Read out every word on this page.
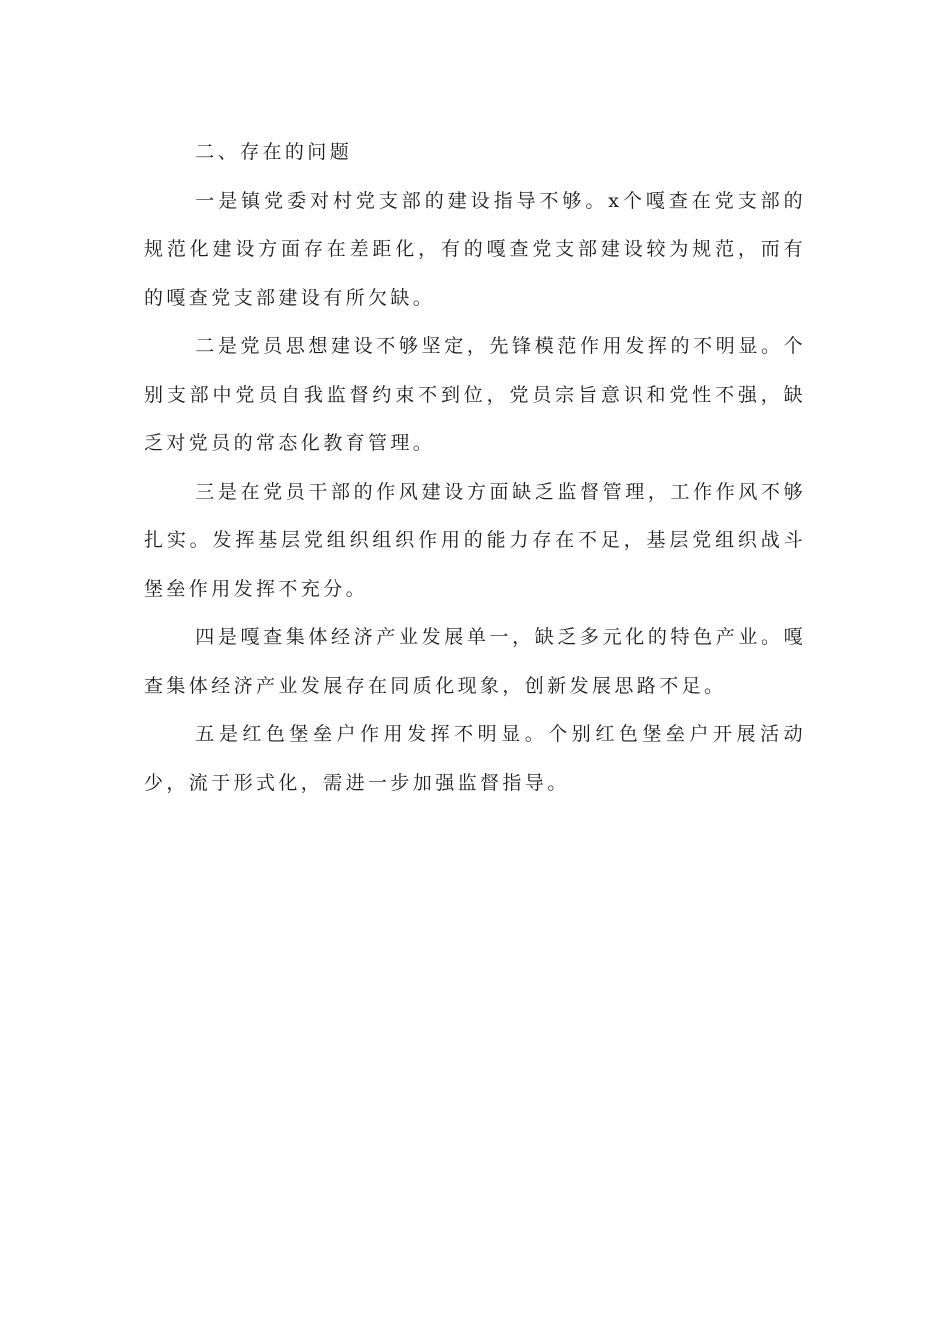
二、存在的问题

一是镇党委对村党支部的建设指导不够。x个嘎查在党支部的规范化建设方面存在差距化，有的嘎查党支部建设较为规范，而有的嘎查党支部建设有所欠缺。

二是党员思想建设不够坚定，先锋模范作用发挥的不明显。个别支部中党员自我监督约束不到位，党员宗旨意识和党性不强，缺乏对党员的常态化教育管理。

三是在党员干部的作风建设方面缺乏监督管理，工作作风不够扎实。发挥基层党组织组织作用的能力存在不足，基层党组织战斗堡垒作用发挥不充分。

四是嘎查集体经济产业发展单一，缺乏多元化的特色产业。嘎查集体经济产业发展存在同质化现象，创新发展思路不足。

五是红色堡垒户作用发挥不明显。个别红色堡垒户开展活动少，流于形式化，需进一步加强监督指导。
